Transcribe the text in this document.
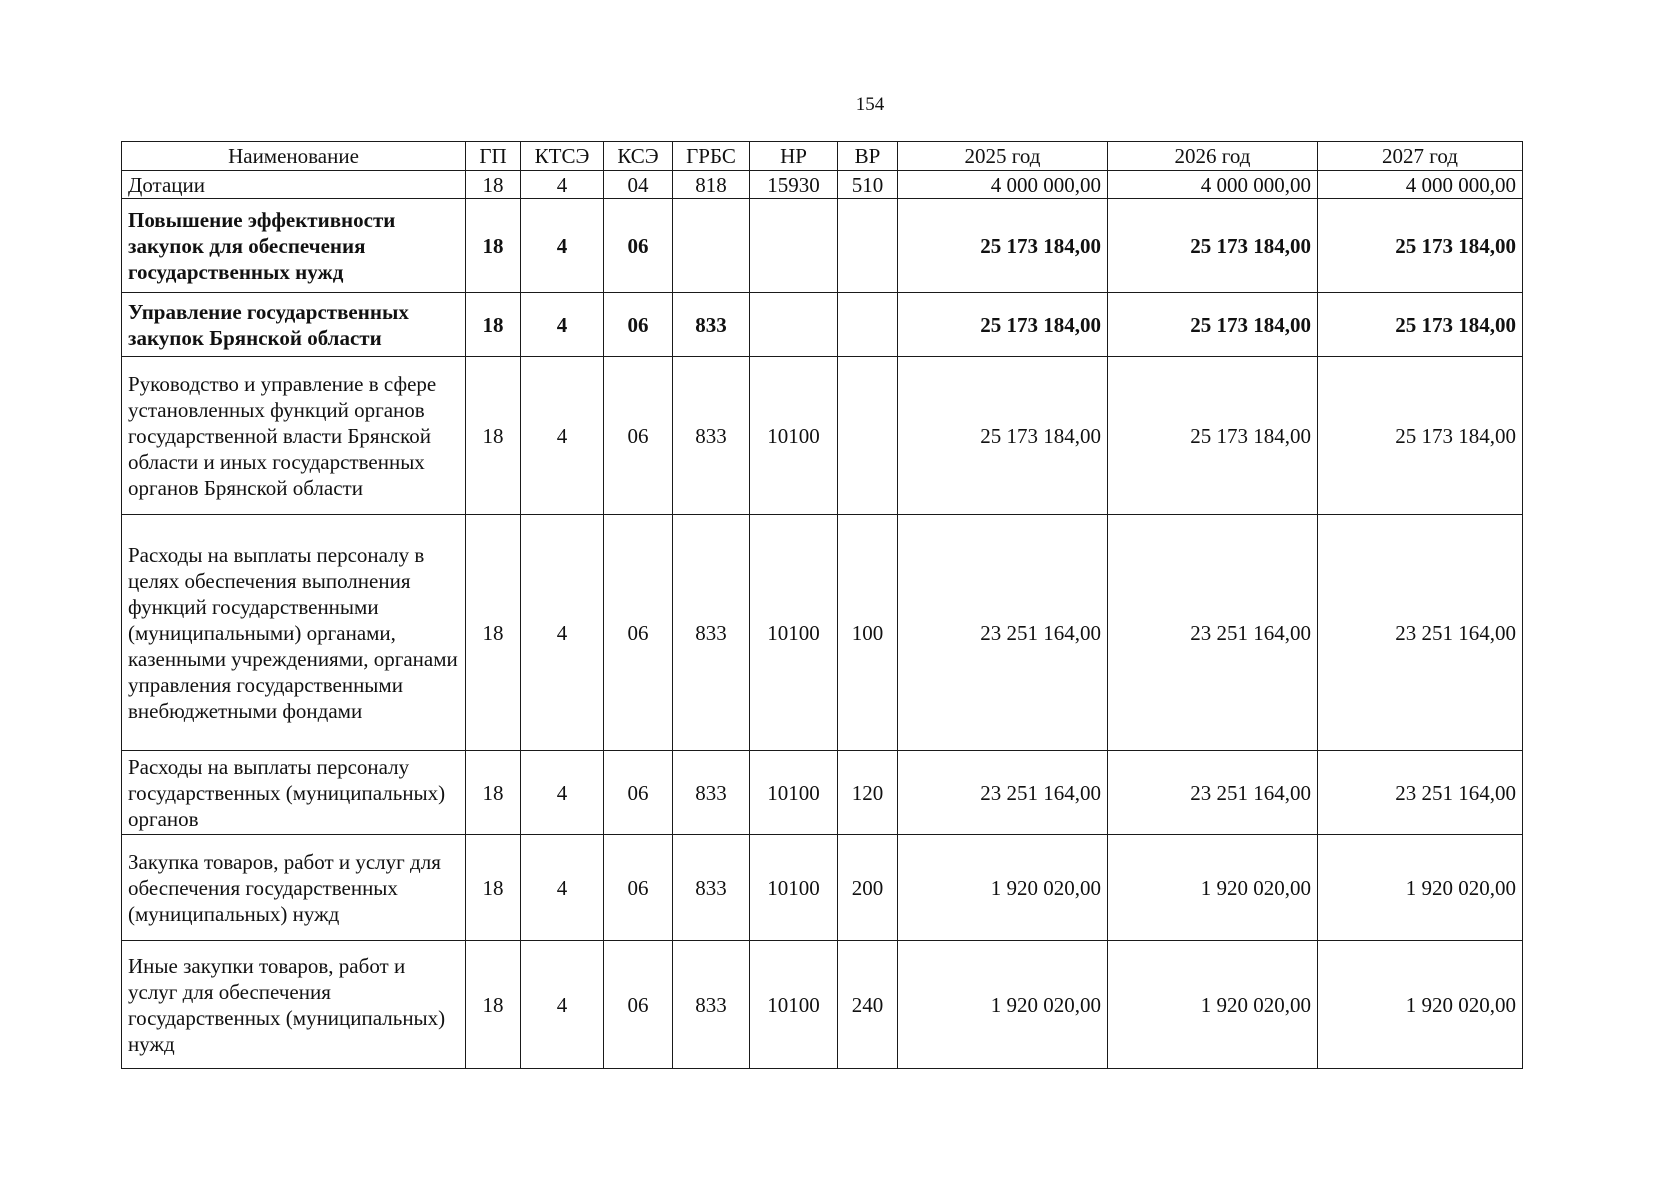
154
Наименование	ГП	КТСЭ	КСЭ	ГРБС	НР	ВР	2025 год	2026 год	2027 год
Дотации	18	4	04	818	15930	510	4 000 000,00	4 000 000,00	4 000 000,00
Повышение эффективности закупок для обеспечения государственных нужд	18	4	06				25 173 184,00	25 173 184,00	25 173 184,00
Управление государственных закупок Брянской области	18	4	06	833			25 173 184,00	25 173 184,00	25 173 184,00
Руководство и управление в сфере установленных функций органов государственной власти Брянской области и иных государственных органов Брянской области	18	4	06	833	10100		25 173 184,00	25 173 184,00	25 173 184,00
Расходы на выплаты персоналу в целях обеспечения выполнения функций государственными (муниципальными) органами, казенными учреждениями, органами управления государственными внебюджетными фондами	18	4	06	833	10100	100	23 251 164,00	23 251 164,00	23 251 164,00
Расходы на выплаты персоналу государственных (муниципальных) органов	18	4	06	833	10100	120	23 251 164,00	23 251 164,00	23 251 164,00
Закупка товаров, работ и услуг для обеспечения государственных (муниципальных) нужд	18	4	06	833	10100	200	1 920 020,00	1 920 020,00	1 920 020,00
Иные закупки товаров, работ и услуг для обеспечения государственных (муниципальных) нужд	18	4	06	833	10100	240	1 920 020,00	1 920 020,00	1 920 020,00
